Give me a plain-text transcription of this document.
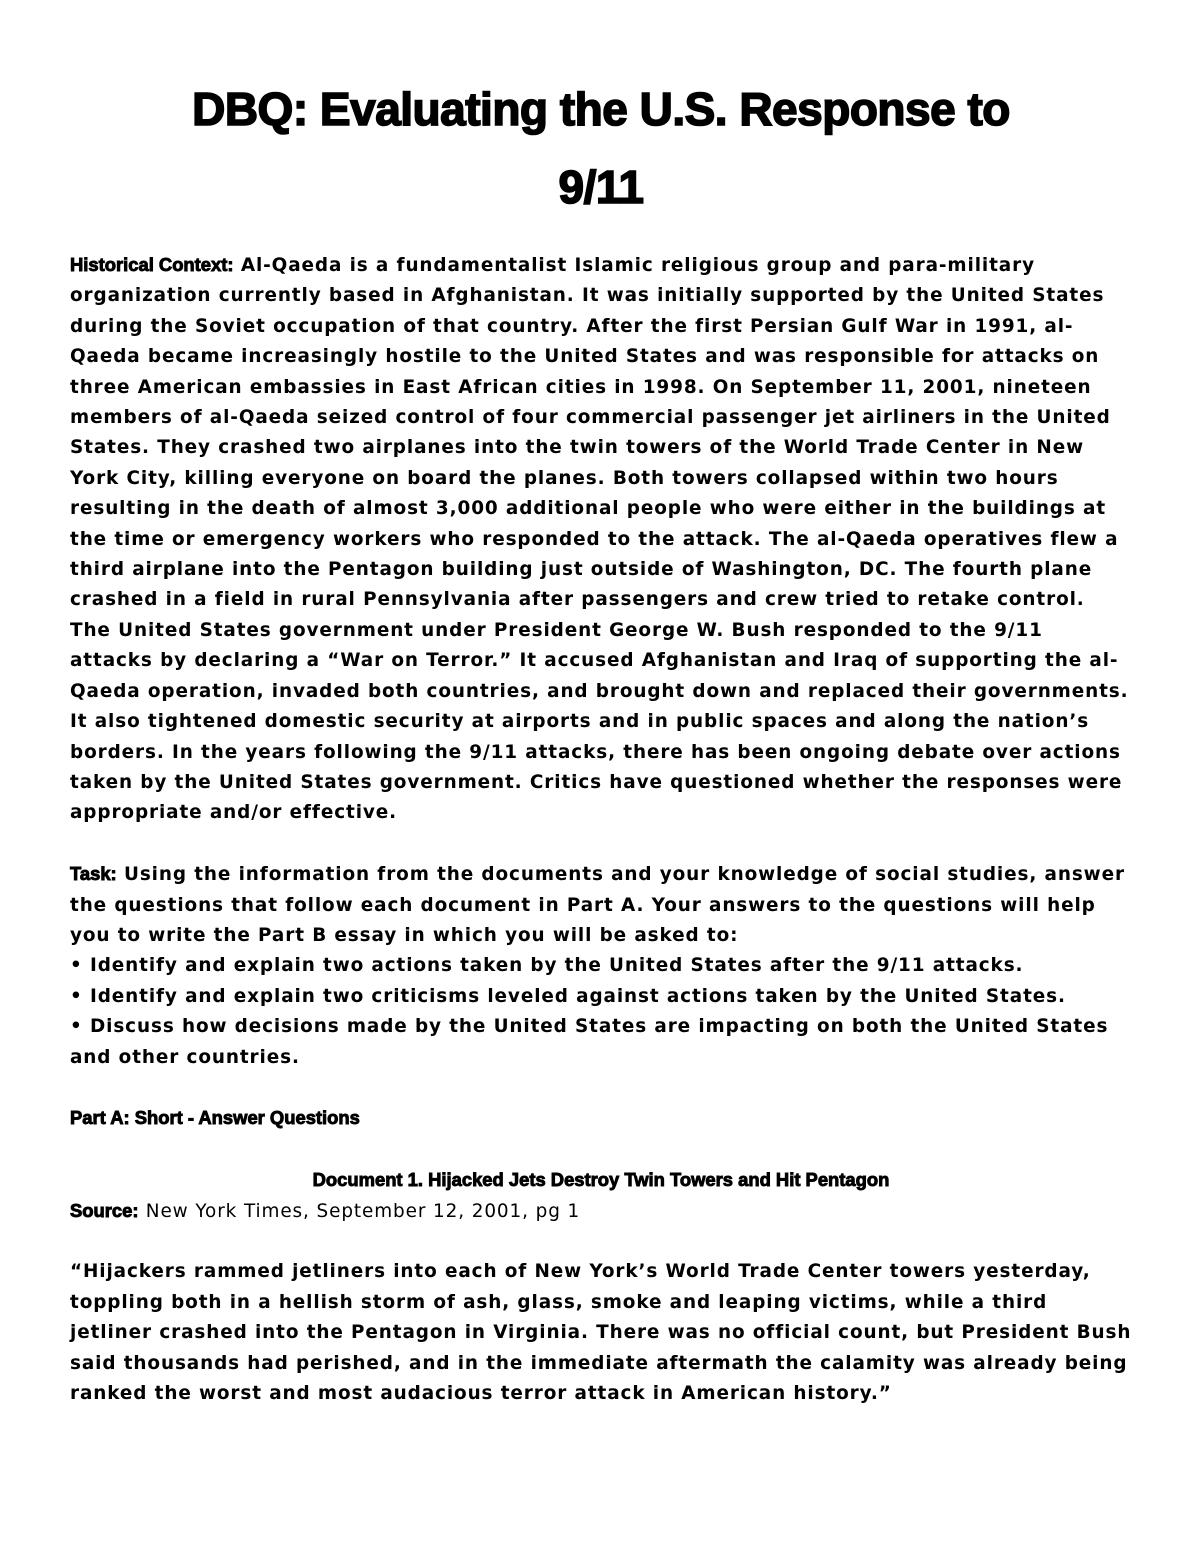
DBQ: Evaluating the U.S. Response to
9/11

Historical Context: Al-Qaeda is a fundamentalist Islamic religious group and para-military organization currently based in Afghanistan. It was initially supported by the United States during the Soviet occupation of that country. After the first Persian Gulf War in 1991, al-Qaeda became increasingly hostile to the United States and was responsible for attacks on three American embassies in East African cities in 1998. On September 11, 2001, nineteen members of al-Qaeda seized control of four commercial passenger jet airliners in the United States. They crashed two airplanes into the twin towers of the World Trade Center in New York City, killing everyone on board the planes. Both towers collapsed within two hours resulting in the death of almost 3,000 additional people who were either in the buildings at the time or emergency workers who responded to the attack. The al-Qaeda operatives flew a third airplane into the Pentagon building just outside of Washington, DC. The fourth plane crashed in a field in rural Pennsylvania after passengers and crew tried to retake control. The United States government under President George W. Bush responded to the 9/11 attacks by declaring a “War on Terror.” It accused Afghanistan and Iraq of supporting the al-Qaeda operation, invaded both countries, and brought down and replaced their governments. It also tightened domestic security at airports and in public spaces and along the nation’s borders. In the years following the 9/11 attacks, there has been ongoing debate over actions taken by the United States government. Critics have questioned whether the responses were appropriate and/or effective.

Task: Using the information from the documents and your knowledge of social studies, answer the questions that follow each document in Part A. Your answers to the questions will help you to write the Part B essay in which you will be asked to:

• Identify and explain two actions taken by the United States after the 9/11 attacks.
• Identify and explain two criticisms leveled against actions taken by the United States.
• Discuss how decisions made by the United States are impacting on both the United States and other countries.

Part A: Short - Answer Questions

Document 1. Hijacked Jets Destroy Twin Towers and Hit Pentagon

Source: New York Times, September 12, 2001, pg 1

“Hijackers rammed jetliners into each of New York’s World Trade Center towers yesterday, toppling both in a hellish storm of ash, glass, smoke and leaping victims, while a third jetliner crashed into the Pentagon in Virginia. There was no official count, but President Bush said thousands had perished, and in the immediate aftermath the calamity was already being ranked the worst and most audacious terror attack in American history.”
